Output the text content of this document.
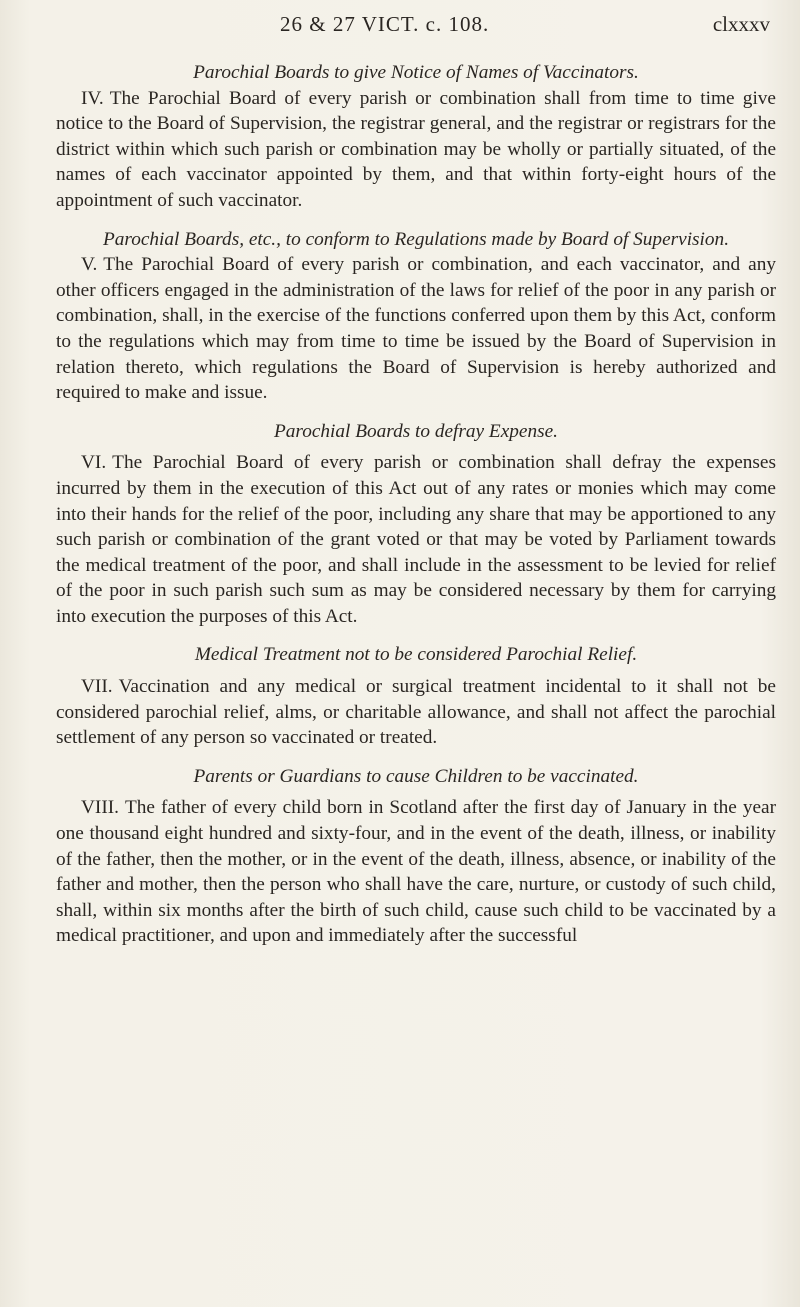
26 & 27 VICT. c. 108.	clxxxv

Parochial Boards to give Notice of Names of Vaccinators.

IV. The Parochial Board of every parish or combination shall from time to time give notice to the Board of Supervision, the registrar general, and the registrar or registrars for the district within which such parish or combination may be wholly or partially situated, of the names of each vaccinator appointed by them, and that within forty-eight hours of the appointment of such vaccinator.

Parochial Boards, etc., to conform to Regulations made by Board of Supervision.

V. The Parochial Board of every parish or combination, and each vaccinator, and any other officers engaged in the administration of the laws for relief of the poor in any parish or combination, shall, in the exercise of the functions conferred upon them by this Act, conform to the regulations which may from time to time be issued by the Board of Supervision in relation thereto, which regulations the Board of Supervision is hereby authorized and required to make and issue.

Parochial Boards to defray Expense.

VI. The Parochial Board of every parish or combination shall defray the expenses incurred by them in the execution of this Act out of any rates or monies which may come into their hands for the relief of the poor, including any share that may be apportioned to any such parish or combination of the grant voted or that may be voted by Parliament towards the medical treatment of the poor, and shall include in the assessment to be levied for relief of the poor in such parish such sum as may be considered necessary by them for carrying into execution the purposes of this Act.

Medical Treatment not to be considered Parochial Relief.

VII. Vaccination and any medical or surgical treatment incidental to it shall not be considered parochial relief, alms, or charitable allowance, and shall not affect the parochial settlement of any person so vaccinated or treated.

Parents or Guardians to cause Children to be vaccinated.

VIII. The father of every child born in Scotland after the first day of January in the year one thousand eight hundred and sixty-four, and in the event of the death, illness, or inability of the father, then the mother, or in the event of the death, illness, absence, or inability of the father and mother, then the person who shall have the care, nurture, or custody of such child, shall, within six months after the birth of such child, cause such child to be vaccinated by a medical practitioner, and upon and immediately after the successful
